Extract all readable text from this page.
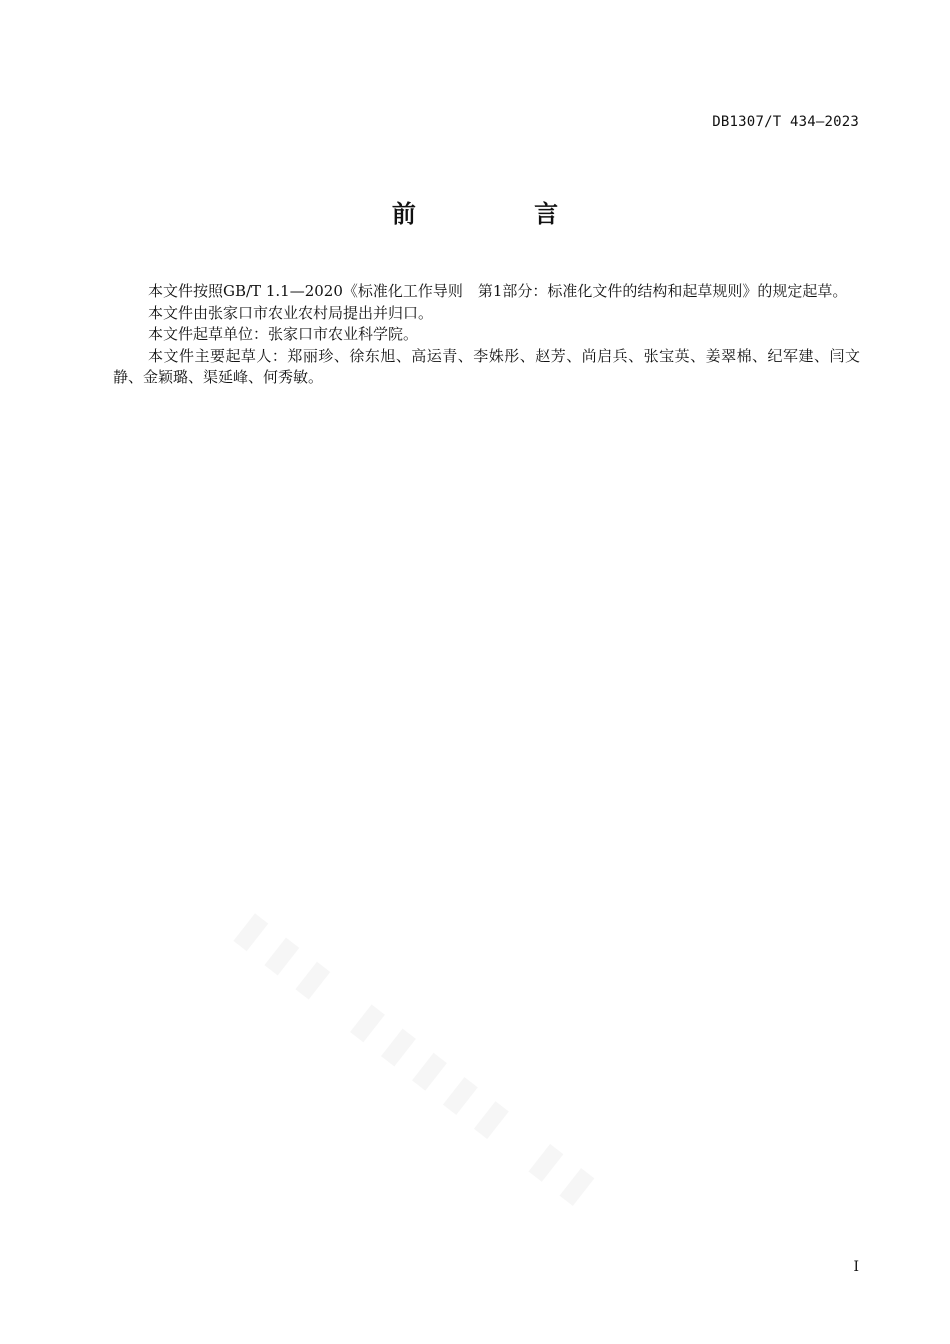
DB1307/T 434—2023
前 言

本文件按照GB/T 1.1—2020《标准化工作导则　第1部分：标准化文件的结构和起草规则》的规定起草。

本文件由张家口市农业农村局提出并归口。

本文件起草单位：张家口市农业科学院。

本文件主要起草人：郑丽珍、徐东旭、高运青、李姝彤、赵芳、尚启兵、张宝英、姜翠棉、纪军建、闫文静、金颖璐、渠延峰、何秀敏。

I
